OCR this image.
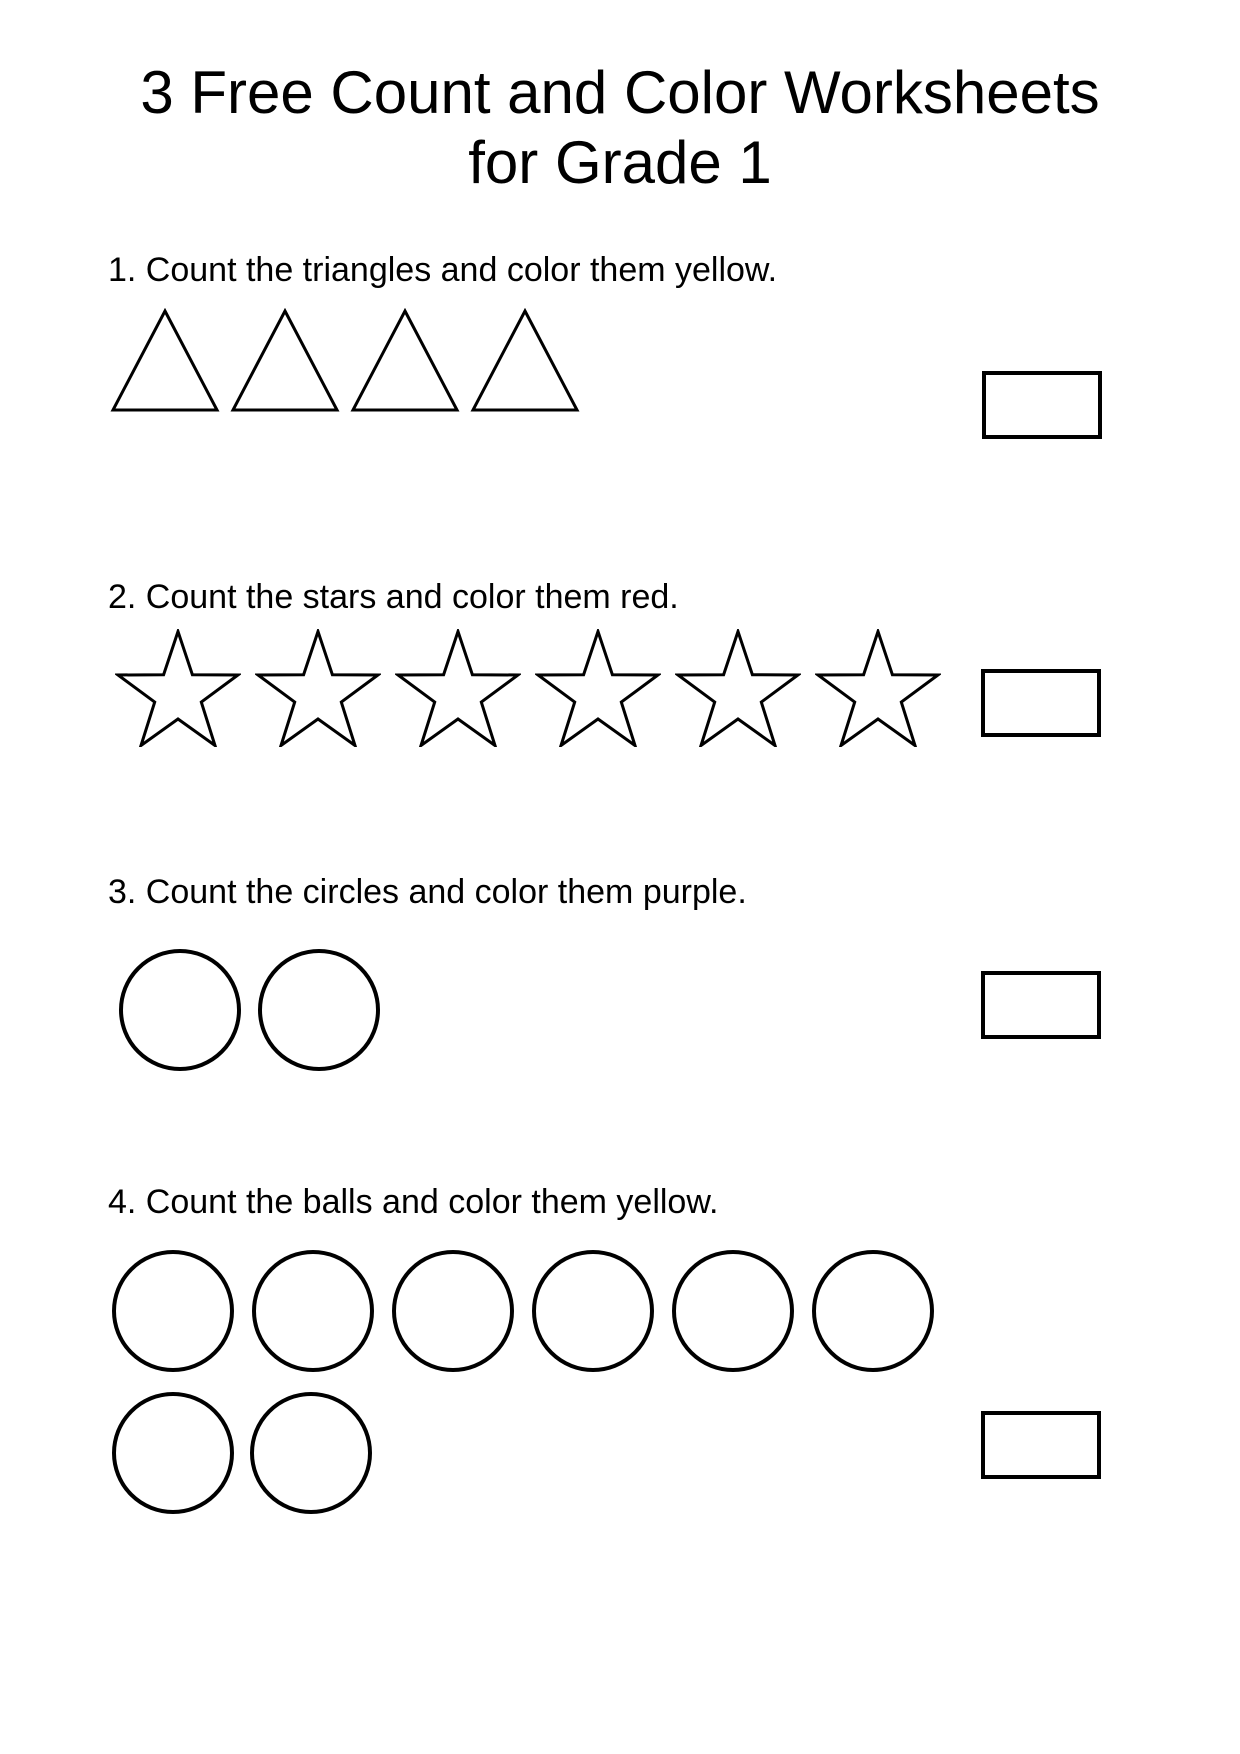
3 Free Count and Color Worksheets
for Grade 1
1. Count the triangles and color them yellow.
2. Count the stars and color them red.
3. Count the circles and color them purple.
4. Count the balls and color them yellow.
